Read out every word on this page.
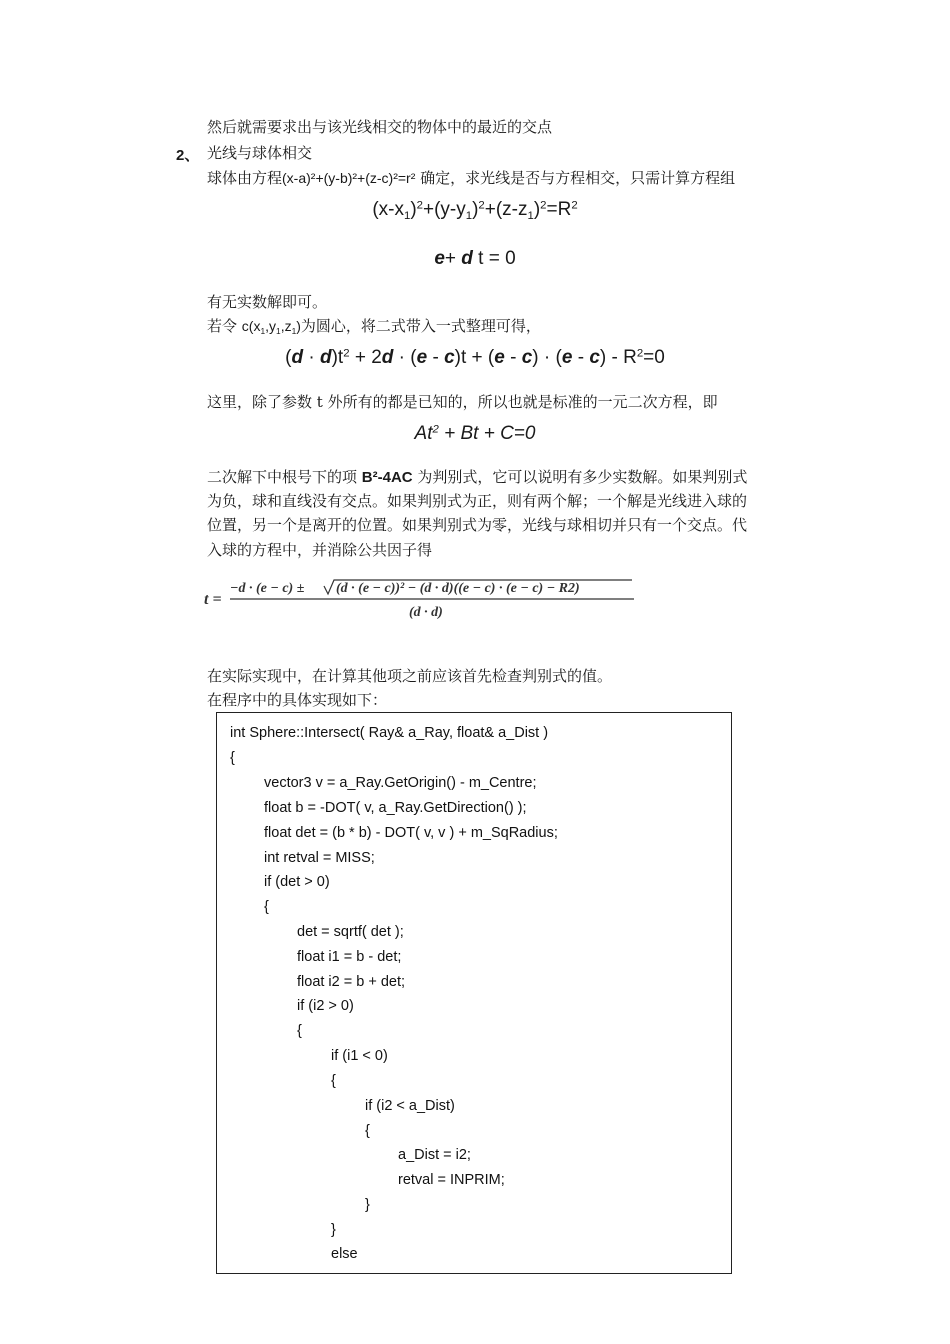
然后就需要求出与该光线相交的物体中的最近的交点
2、 光线与球体相交
球体由方程(x-a)²+(y-b)²+(z-c)²=r² 确定，求光线是否与方程相交，只需计算方程组
$(x-x_1)^2+(y-y_1)^2+(z-z_1)^2=R^2$
e+ d t = 0
有无实数解即可。
若令 $c(x_1,y_1,z_1)$为圆心，将二式带入一式整理可得，
$(d \cdot d)t^2 + 2d \cdot (e - c)t + (e - c) \cdot (e - c) - R^2=0$
这里，除了参数 t 外所有的都是已知的，所以也就是标准的一元二次方程，即
$At^2 + Bt + C=0$
二次解下中根号下的项 B²-4AC 为判别式，它可以说明有多少实数解。如果判别式
为负，球和直线没有交点。如果判别式为正，则有两个解；一个解是光线进入球的
位置，另一个是离开的位置。如果判别式为零，光线与球相切并只有一个交点。代
入球的方程中，并消除公共因子得
t =
−d · (e − c) ± (d · (e − c))² − (d · d)((e − c) · (e − c) − R2)
(d · d)
在实际实现中，在计算其他项之前应该首先检查判别式的值。
在程序中的具体实现如下：
int Sphere::Intersect( Ray& a_Ray, float& a_Dist )
{
vector3 v = a_Ray.GetOrigin() - m_Centre;
float b = -DOT( v, a_Ray.GetDirection() );
float det = (b * b) - DOT( v, v ) + m_SqRadius;
int retval = MISS;
if (det > 0)
{
det = sqrtf( det );
float i1 = b - det;
float i2 = b + det;
if (i2 > 0)
{
if (i1 < 0)
{
if (i2 < a_Dist)
{
a_Dist = i2;
retval = INPRIM;
}
}
else
